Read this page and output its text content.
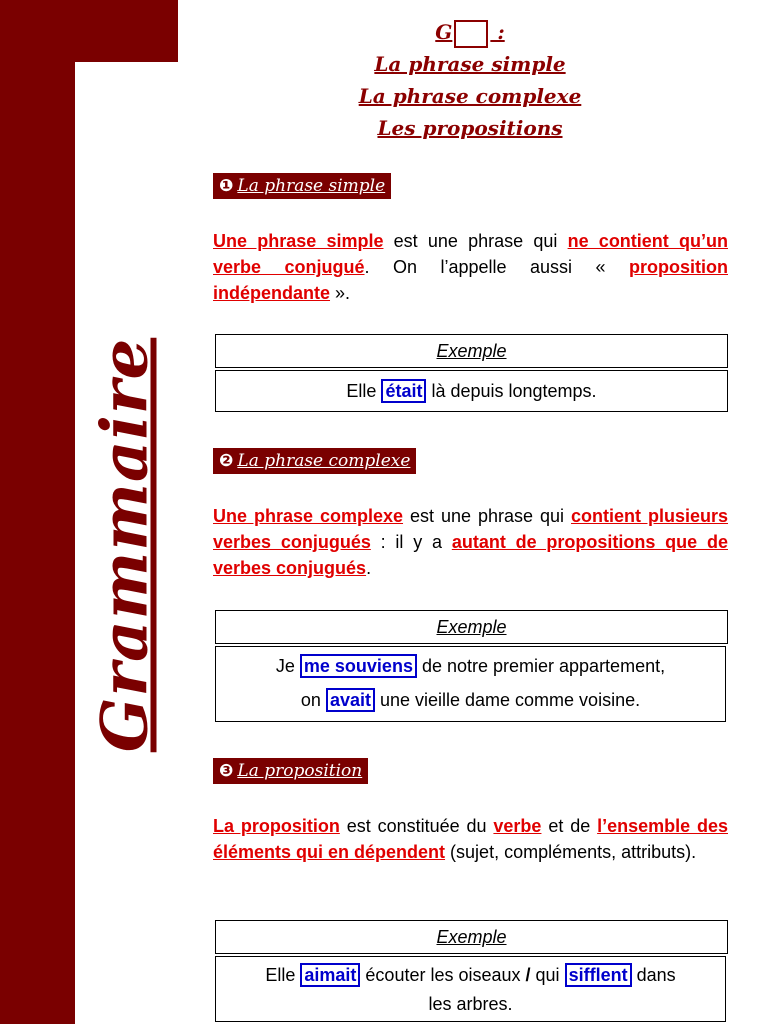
Grammaire
G :
La phrase simple
La phrase complexe
Les propositions
❶ La phrase simple
Une phrase simple est une phrase qui ne contient qu’un verbe conjugué. On l’appelle aussi « proposition indépendante ».
Exemple
Elle était là depuis longtemps.
❷ La phrase complexe
Une phrase complexe est une phrase qui contient plusieurs verbes conjugués : il y a autant de propositions que de verbes conjugués.
Exemple
Je me souviens de notre premier appartement,
on avait une vieille dame comme voisine.
❸ La proposition
La proposition est constituée du verbe et de l’ensemble des éléments qui en dépendent (sujet, compléments, attributs).
Exemple
Elle aimait écouter les oiseaux / qui sifflent dans les arbres.
